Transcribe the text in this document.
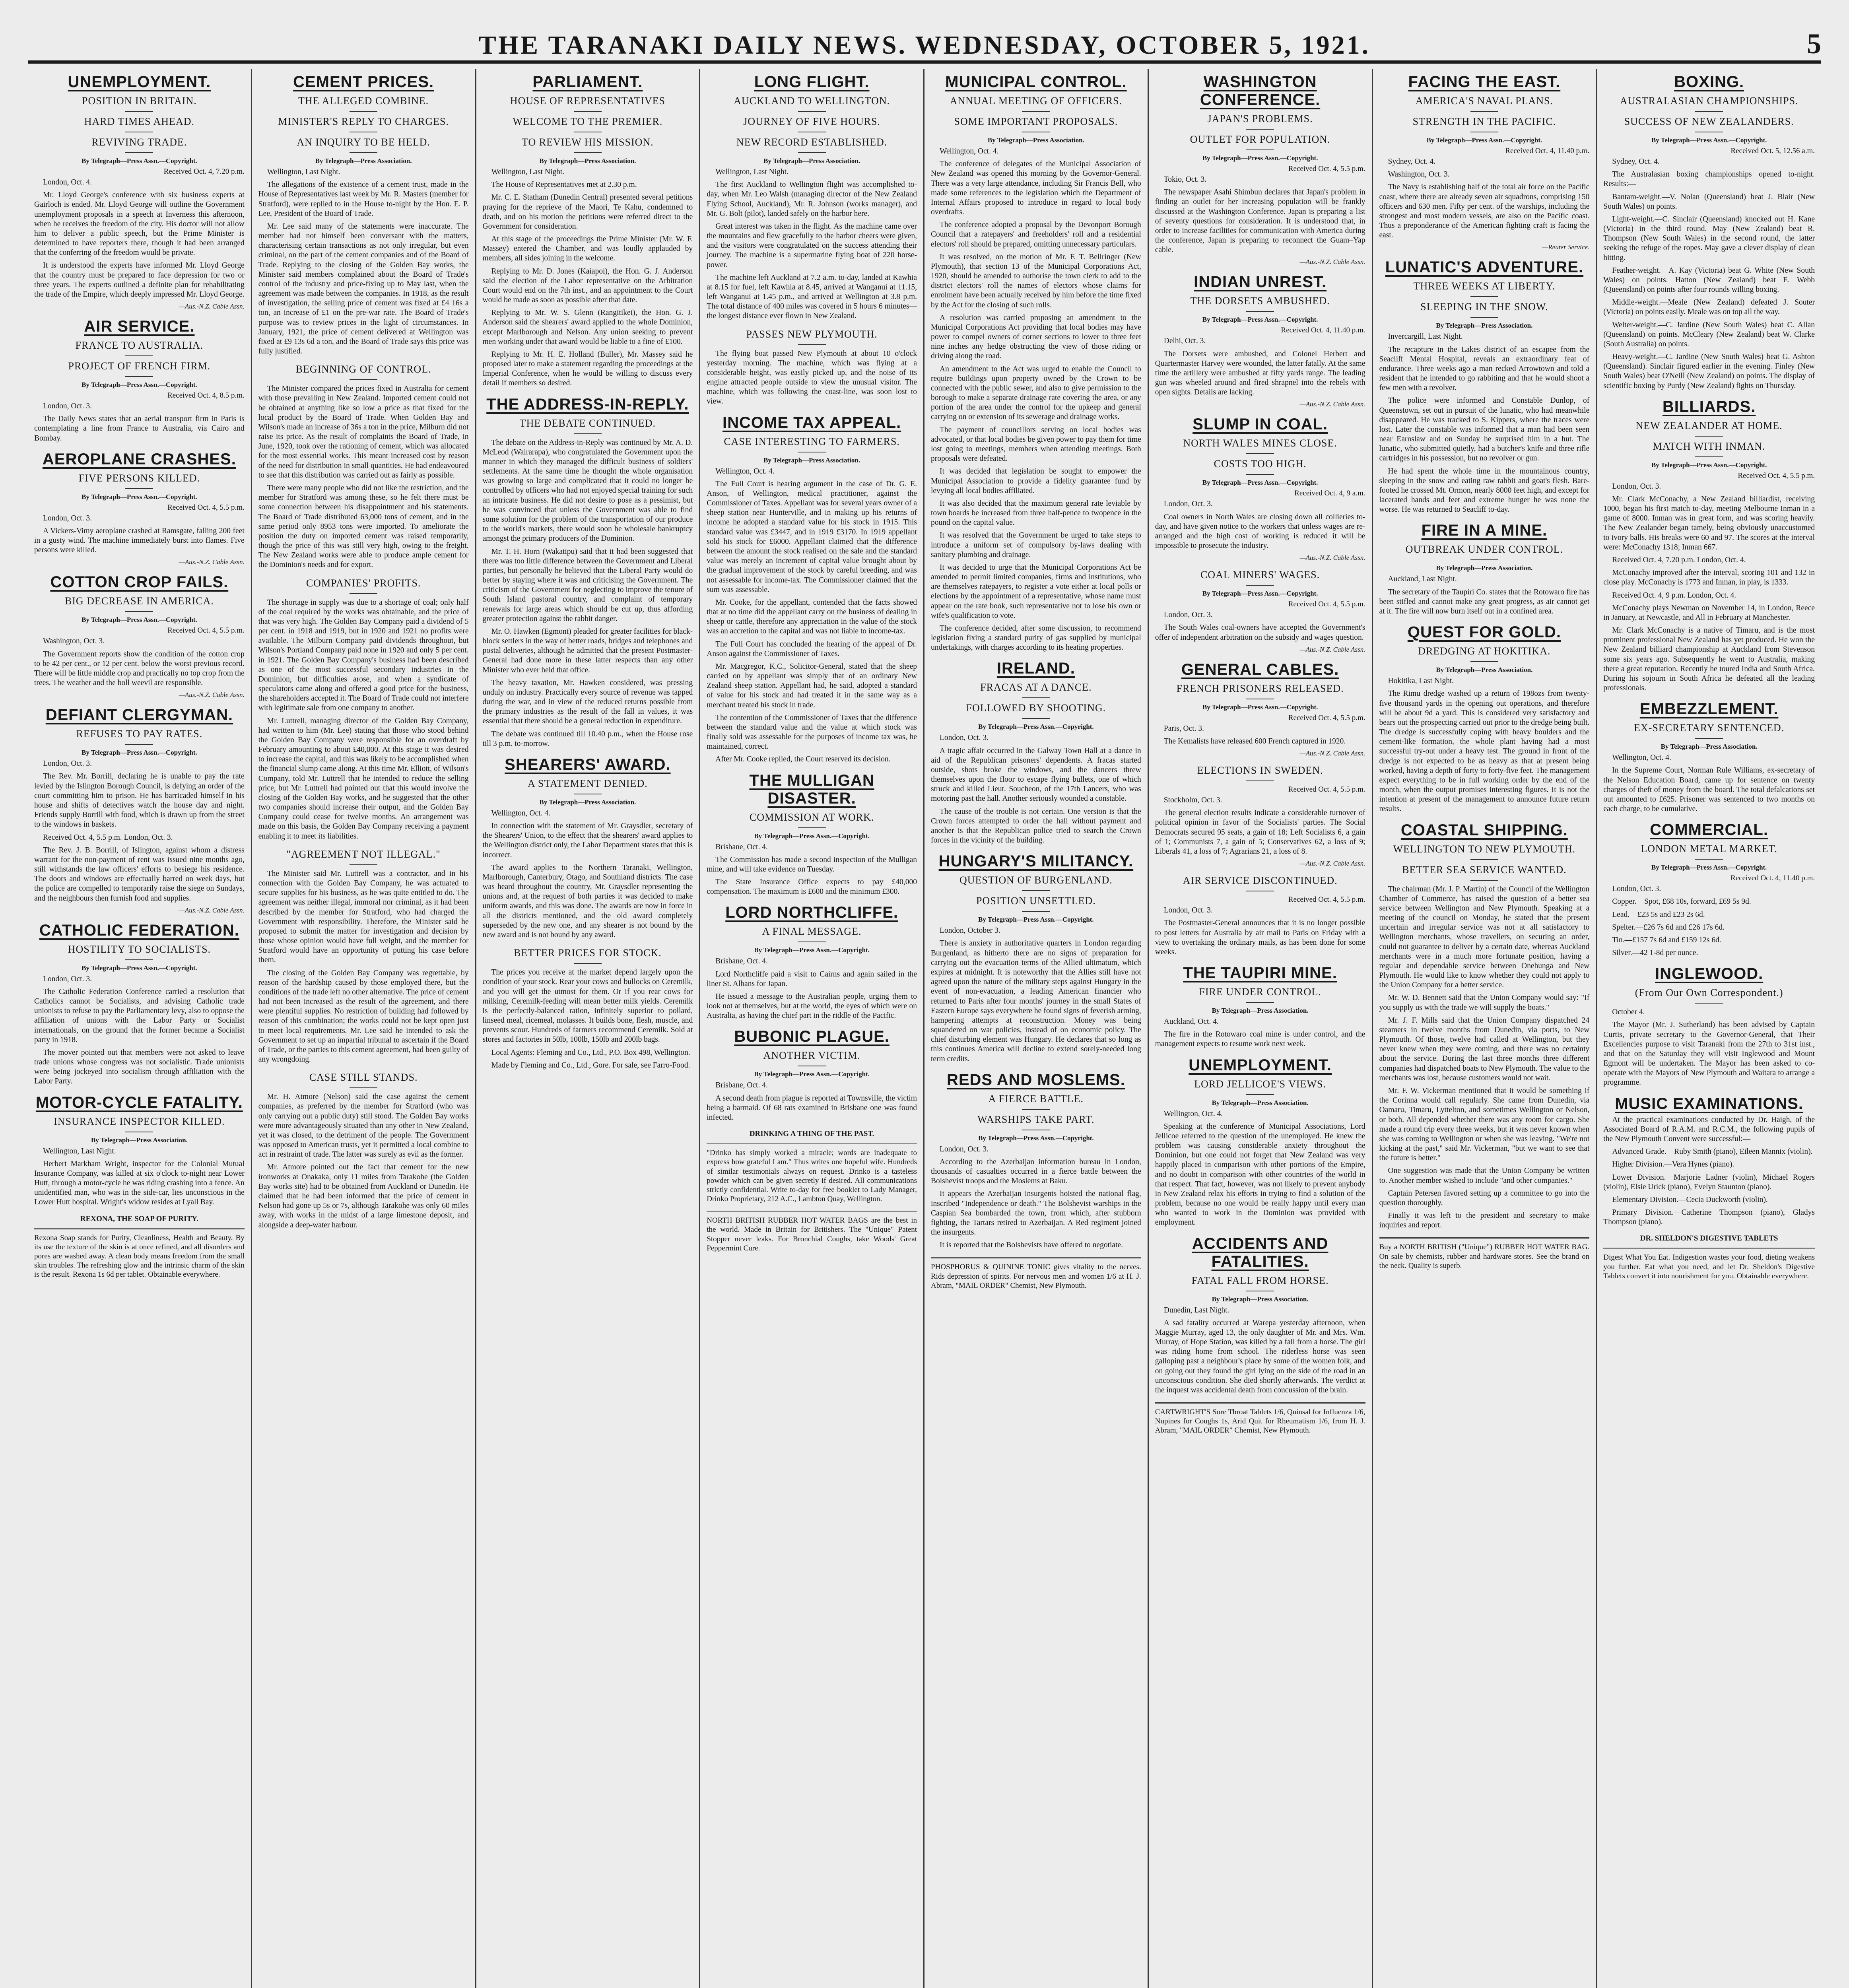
THE TARANAKI DAILY NEWS. WEDNESDAY, OCTOBER 5, 1921.	5
UNEMPLOYMENT.
POSITION IN BRITAIN.
HARD TIMES AHEAD.
REVIVING TRADE.
By Telegraph—Press Assn.—Copyright.
Received Oct. 4, 7.20 p.m.

London, Oct. 4.

Mr. Lloyd George's conference with six business experts at Gairloch is ended. Mr. Lloyd George will outline the Government unemployment proposals in a speech at Inverness this afternoon, when he receives the freedom of the city. His doctor will not allow him to deliver a public speech, but the Prime Minister is determined to have reporters there, though it had been arranged that the conferring of the freedom would be private.

It is understood the experts have informed Mr. Lloyd George that the country must be prepared to face depression for two or three years. The experts outlined a definite plan for rehabilitating the trade of the Empire, which deeply impressed Mr. Lloyd George.

—Aus.-N.Z. Cable Assn.
AIR SERVICE.
FRANCE TO AUSTRALIA.
PROJECT OF FRENCH FIRM.
By Telegraph—Press Assn.—Copyright.
Received Oct. 4, 8.5 p.m.

London, Oct. 3.

The Daily News states that an aerial transport firm in Paris is contemplating a line from France to Australia, via Cairo and Bombay.

AEROPLANE CRASHES.
FIVE PERSONS KILLED.
By Telegraph—Press Assn.—Copyright.
Received Oct. 4, 5.5 p.m.

London, Oct. 3.

A Vickers-Vimy aeroplane crashed at Ramsgate, falling 200 feet in a gusty wind. The machine immediately burst into flames. Five persons were killed.

—Aus.-N.Z. Cable Assn.
COTTON CROP FAILS.
BIG DECREASE IN AMERICA.
By Telegraph—Press Assn.—Copyright.
Received Oct. 4, 5.5 p.m.

Washington, Oct. 3.

The Government reports show the condition of the cotton crop to be 42 per cent., or 12 per cent. below the worst previous record. There will be little middle crop and practically no top crop from the trees. The weather and the boll weevil are responsible.

—Aus.-N.Z. Cable Assn.
DEFIANT CLERGYMAN.
REFUSES TO PAY RATES.
By Telegraph—Press Assn.—Copyright.

London, Oct. 3.

The Rev. Mr. Borrill, declaring he is unable to pay the rate levied by the Islington Borough Council, is defying an order of the court committing him to prison. He has barricaded himself in his house and shifts of detectives watch the house day and night. Friends supply Borrill with food, which is drawn up from the street to the windows in baskets.

Received Oct. 4, 5.5 p.m. London, Oct. 3.

The Rev. J. B. Borrill, of Islington, against whom a distress warrant for the non-payment of rent was issued nine months ago, still withstands the law officers' efforts to besiege his residence. The doors and windows are effectually barred on week days, but the police are compelled to temporarily raise the siege on Sundays, and the neighbours then furnish food and supplies.

—Aus.-N.Z. Cable Assn.
CATHOLIC FEDERATION.
HOSTILITY TO SOCIALISTS.
By Telegraph—Press Assn.—Copyright.

London, Oct. 3.

The Catholic Federation Conference carried a resolution that Catholics cannot be Socialists, and advising Catholic trade unionists to refuse to pay the Parliamentary levy, also to oppose the affiliation of unions with the Labor Party or Socialist internationals, on the ground that the former became a Socialist party in 1918.

The mover pointed out that members were not asked to leave trade unions whose congress was not socialistic. Trade unionists were being jockeyed into socialism through affiliation with the Labor Party.

MOTOR-CYCLE FATALITY.
INSURANCE INSPECTOR KILLED.
By Telegraph—Press Association.

Wellington, Last Night.

Herbert Markham Wright, inspector for the Colonial Mutual Insurance Company, was killed at six o'clock to-night near Lower Hutt, through a motor-cycle he was riding crashing into a fence. An unidentified man, who was in the side-car, lies unconscious in the Lower Hutt hospital. Wright's widow resides at Lyall Bay.

REXONA, THE SOAP OF PURITY.
Rexona Soap stands for Purity, Cleanliness, Health and Beauty. By its use the texture of the skin is at once refined, and all disorders and pores are washed away. A clean body means freedom from the small skin troubles. The refreshing glow and the intrinsic charm of the skin is the result. Rexona 1s 6d per tablet. Obtainable everywhere.
CEMENT PRICES.
THE ALLEGED COMBINE.
MINISTER'S REPLY TO CHARGES.
AN INQUIRY TO BE HELD.
By Telegraph—Press Association.

Wellington, Last Night.

The allegations of the existence of a cement trust, made in the House of Representatives last week by Mr. R. Masters (member for Stratford), were replied to in the House to-night by the Hon. E. P. Lee, President of the Board of Trade.

Mr. Lee said many of the statements were inaccurate. The member had not himself been conversant with the matters, characterising certain transactions as not only irregular, but even criminal, on the part of the cement companies and of the Board of Trade. Replying to the closing of the Golden Bay works, the Minister said members complained about the Board of Trade's control of the industry and price-fixing up to May last, when the agreement was made between the companies. In 1918, as the result of investigation, the selling price of cement was fixed at £4 16s a ton, an increase of £1 on the pre-war rate. The Board of Trade's purpose was to review prices in the light of circumstances. In January, 1921, the price of cement delivered at Wellington was fixed at £9 13s 6d a ton, and the Board of Trade says this price was fully justified.

BEGINNING OF CONTROL.

The Minister compared the prices fixed in Australia for cement with those prevailing in New Zealand. Imported cement could not be obtained at anything like so low a price as that fixed for the local product by the Board of Trade. When Golden Bay and Wilson's made an increase of 36s a ton in the price, Milburn did not raise its price. As the result of complaints the Board of Trade, in June, 1920, took over the rationing of cement, which was allocated for the most essential works. This meant increased cost by reason of the need for distribution in small quantities. He had endeavoured to see that this distribution was carried out as fairly as possible.

There were many people who did not like the restriction, and the member for Stratford was among these, so he felt there must be some connection between his disappointment and his statements. The Board of Trade distributed 63,000 tons of cement, and in the same period only 8953 tons were imported. To ameliorate the position the duty on imported cement was raised temporarily, though the price of this was still very high, owing to the freight. The New Zealand works were able to produce ample cement for the Dominion's needs and for export.

COMPANIES' PROFITS.

The shortage in supply was due to a shortage of coal; only half of the coal required by the works was obtainable, and the price of that was very high. The Golden Bay Company paid a dividend of 5 per cent. in 1918 and 1919, but in 1920 and 1921 no profits were available. The Milburn Company paid dividends throughout, but Wilson's Portland Company paid none in 1920 and only 5 per cent. in 1921. The Golden Bay Company's business had been described as one of the most successful secondary industries in the Dominion, but difficulties arose, and when a syndicate of speculators came along and offered a good price for the business, the shareholders accepted it. The Board of Trade could not interfere with legitimate sale from one company to another.

Mr. Luttrell, managing director of the Golden Bay Company, had written to him (Mr. Lee) stating that those who stood behind the Golden Bay Company were responsible for an overdraft by February amounting to about £40,000. At this stage it was desired to increase the capital, and this was likely to be accomplished when the financial slump came along. At this time Mr. Elliott, of Wilson's Company, told Mr. Luttrell that he intended to reduce the selling price, but Mr. Luttrell had pointed out that this would involve the closing of the Golden Bay works, and he suggested that the other two companies should increase their output, and the Golden Bay Company could cease for twelve months. An arrangement was made on this basis, the Golden Bay Company receiving a payment enabling it to meet its liabilities.

"AGREEMENT NOT ILLEGAL."

The Minister said Mr. Luttrell was a contractor, and in his connection with the Golden Bay Company, he was actuated to secure supplies for his business, as he was quite entitled to do. The agreement was neither illegal, immoral nor criminal, as it had been described by the member for Stratford, who had charged the Government with responsibility. Therefore, the Minister said he proposed to submit the matter for investigation and decision by those whose opinion would have full weight, and the member for Stratford would have an opportunity of putting his case before them.

The closing of the Golden Bay Company was regrettable, by reason of the hardship caused by those employed there, but the conditions of the trade left no other alternative. The price of cement had not been increased as the result of the agreement, and there were plentiful supplies. No restriction of building had followed by reason of this combination; the works could not be kept open just to meet local requirements. Mr. Lee said he intended to ask the Government to set up an impartial tribunal to ascertain if the Board of Trade, or the parties to this cement agreement, had been guilty of any wrongdoing.

CASE STILL STANDS.

Mr. H. Atmore (Nelson) said the case against the cement companies, as preferred by the member for Stratford (who was only carrying out a public duty) still stood. The Golden Bay works were more advantageously situated than any other in New Zealand, yet it was closed, to the detriment of the people. The Government was opposed to American trusts, yet it permitted a local combine to act in restraint of trade. The latter was surely as evil as the former.

Mr. Atmore pointed out the fact that cement for the new ironworks at Onakaka, only 11 miles from Tarakohe (the Golden Bay works site) had to be obtained from Auckland or Dunedin. He claimed that he had been informed that the price of cement in Nelson had gone up 5s or 7s, although Tarakohe was only 60 miles away, with works in the midst of a large limestone deposit, and alongside a deep-water harbour.

PARLIAMENT.
HOUSE OF REPRESENTATIVES
WELCOME TO THE PREMIER.
TO REVIEW HIS MISSION.
By Telegraph—Press Association.

Wellington, Last Night.

The House of Representatives met at 2.30 p.m.

Mr. C. E. Statham (Dunedin Central) presented several petitions praying for the reprieve of the Maori, Te Kahu, condemned to death, and on his motion the petitions were referred direct to the Government for consideration.

At this stage of the proceedings the Prime Minister (Mr. W. F. Massey) entered the Chamber, and was loudly applauded by members, all sides joining in the welcome.

Replying to Mr. D. Jones (Kaiapoi), the Hon. G. J. Anderson said the election of the Labor representative on the Arbitration Court would end on the 7th inst., and an appointment to the Court would be made as soon as possible after that date.

Replying to Mr. W. S. Glenn (Rangitikei), the Hon. G. J. Anderson said the shearers' award applied to the whole Dominion, except Marlborough and Nelson. Any union seeking to prevent men working under that award would be liable to a fine of £100.

Replying to Mr. H. E. Holland (Buller), Mr. Massey said he proposed later to make a statement regarding the proceedings at the Imperial Conference, when he would be willing to discuss every detail if members so desired.

THE ADDRESS-IN-REPLY.
THE DEBATE CONTINUED.

The debate on the Address-in-Reply was continued by Mr. A. D. McLeod (Wairarapa), who congratulated the Government upon the manner in which they managed the difficult business of soldiers' settlements. At the same time he thought the whole organisation was growing so large and complicated that it could no longer be controlled by officers who had not enjoyed special training for such an intricate business. He did not desire to pose as a pessimist, but he was convinced that unless the Government was able to find some solution for the problem of the transportation of our produce to the world's markets, there would soon be wholesale bankruptcy amongst the primary producers of the Dominion.

Mr. T. H. Horn (Wakatipu) said that it had been suggested that there was too little difference between the Government and Liberal parties, but personally he believed that the Liberal Party would do better by staying where it was and criticising the Government. The criticism of the Government for neglecting to improve the tenure of South Island pastoral country, and complaint of temporary renewals for large areas which should be cut up, thus affording greater protection against the rabbit danger.

Mr. O. Hawken (Egmont) pleaded for greater facilities for black-block settlers in the way of better roads, bridges and telephones and postal deliveries, although he admitted that the present Postmaster-General had done more in these latter respects than any other Minister who ever held that office.

The heavy taxation, Mr. Hawken considered, was pressing unduly on industry. Practically every source of revenue was tapped during the war, and in view of the reduced returns possible from the primary industries as the result of the fall in values, it was essential that there should be a general reduction in expenditure.

The debate was continued till 10.40 p.m., when the House rose till 3 p.m. to-morrow.

SHEARERS' AWARD.
A STATEMENT DENIED.
By Telegraph—Press Association.

Wellington, Oct. 4.

In connection with the statement of Mr. Graysdler, secretary of the Shearers' Union, to the effect that the shearers' award applies to the Wellington district only, the Labor Department states that this is incorrect.

The award applies to the Northern Taranaki, Wellington, Marlborough, Canterbury, Otago, and Southland districts. The case was heard throughout the country, Mr. Graysdler representing the unions and, at the request of both parties it was decided to make uniform awards, and this was done. The awards are now in force in all the districts mentioned, and the old award completely superseded by the new one, and any shearer is not bound by the new award and is not bound by any award.

BETTER PRICES FOR STOCK.

The prices you receive at the market depend largely upon the condition of your stock. Rear your cows and bullocks on Ceremilk, and you will get the utmost for them. Or if you rear cows for milking, Ceremilk-feeding will mean better milk yields. Ceremilk is the perfectly-balanced ration, infinitely superior to pollard, linseed meal, ricemeal, molasses. It builds bone, flesh, muscle, and prevents scour. Hundreds of farmers recommend Ceremilk. Sold at stores and factories in 50lb, 100lb, 150lb and 200lb bags.

Local Agents: Fleming and Co., Ltd., P.O. Box 498, Wellington.

Made by Fleming and Co., Ltd., Gore. For sale, see Farro-Food.

LONG FLIGHT.
AUCKLAND TO WELLINGTON.
JOURNEY OF FIVE HOURS.
NEW RECORD ESTABLISHED.
By Telegraph—Press Association.

Wellington, Last Night.

The first Auckland to Wellington flight was accomplished to-day, when Mr. Leo Walsh (managing director of the New Zealand Flying School, Auckland), Mr. R. Johnson (works manager), and Mr. G. Bolt (pilot), landed safely on the harbor here.

Great interest was taken in the flight. As the machine came over the mountains and flew gracefully to the harbor cheers were given, and the visitors were congratulated on the success attending their journey. The machine is a supermarine flying boat of 220 horse-power.

The machine left Auckland at 7.2 a.m. to-day, landed at Kawhia at 8.15 for fuel, left Kawhia at 8.45, arrived at Wanganui at 11.15, left Wanganui at 1.45 p.m., and arrived at Wellington at 3.8 p.m. The total distance of 400 miles was covered in 5 hours 6 minutes—the longest distance ever flown in New Zealand.

PASSES NEW PLYMOUTH.

The flying boat passed New Plymouth at about 10 o'clock yesterday morning. The machine, which was flying at a considerable height, was easily picked up, and the noise of its engine attracted people outside to view the unusual visitor. The machine, which was following the coast-line, was soon lost to view.

INCOME TAX APPEAL.
CASE INTERESTING TO FARMERS.
By Telegraph—Press Association.

Wellington, Oct. 4.

The Full Court is hearing argument in the case of Dr. G. E. Anson, of Wellington, medical practitioner, against the Commissioner of Taxes. Appellant was for several years owner of a sheep station near Hunterville, and in making up his returns of income he adopted a standard value for his stock in 1915. This standard value was £3447, and in 1919 £3170. In 1919 appellant sold his stock for £6000. Appellant claimed that the difference between the amount the stock realised on the sale and the standard value was merely an increment of capital value brought about by the gradual improvement of the stock by careful breeding, and was not assessable for income-tax. The Commissioner claimed that the sum was assessable.

Mr. Cooke, for the appellant, contended that the facts showed that at no time did the appellant carry on the business of dealing in sheep or cattle, therefore any appreciation in the value of the stock was an accretion to the capital and was not liable to income-tax.

The Full Court has concluded the hearing of the appeal of Dr. Anson against the Commissioner of Taxes.

Mr. Macgregor, K.C., Solicitor-General, stated that the sheep carried on by appellant was simply that of an ordinary New Zealand sheep station. Appellant had, he said, adopted a standard of value for his stock and had treated it in the same way as a merchant treated his stock in trade.

The contention of the Commissioner of Taxes that the difference between the standard value and the value at which stock was finally sold was assessable for the purposes of income tax was, he maintained, correct.

After Mr. Cooke replied, the Court reserved its decision.

THE MULLIGAN DISASTER.
COMMISSION AT WORK.
By Telegraph—Press Assn.—Copyright.

Brisbane, Oct. 4.

The Commission has made a second inspection of the Mulligan mine, and will take evidence on Tuesday.

The State Insurance Office expects to pay £40,000 compensation. The maximum is £600 and the minimum £300.

LORD NORTHCLIFFE.
A FINAL MESSAGE.
By Telegraph—Press Assn.—Copyright.

Brisbane, Oct. 4.

Lord Northcliffe paid a visit to Cairns and again sailed in the liner St. Albans for Japan.

He issued a message to the Australian people, urging them to look not at themselves, but at the world, the eyes of which were on Australia, as having the chief part in the riddle of the Pacific.

BUBONIC PLAGUE.
ANOTHER VICTIM.
By Telegraph—Press Assn.—Copyright.

Brisbane, Oct. 4.

A second death from plague is reported at Townsville, the victim being a barmaid. Of 68 rats examined in Brisbane one was found infected.

DRINKING A THING OF THE PAST.
"Drinko has simply worked a miracle; words are inadequate to express how grateful I am." Thus writes one hopeful wife. Hundreds of similar testimonials always on request. Drinko is a tasteless powder which can be given secretly if desired. All communications strictly confidential. Write to-day for free booklet to Lady Manager, Drinko Proprietary, 212 A.C., Lambton Quay, Wellington.
NORTH BRITISH RUBBER HOT WATER BAGS are the best in the world. Made in Britain for Britishers. The "Unique" Patent Stopper never leaks. For Bronchial Coughs, take Woods' Great Peppermint Cure.
MUNICIPAL CONTROL.
ANNUAL MEETING OF OFFICERS.
SOME IMPORTANT PROPOSALS.
By Telegraph—Press Association.

Wellington, Oct. 4.

The conference of delegates of the Municipal Association of New Zealand was opened this morning by the Governor-General. There was a very large attendance, including Sir Francis Bell, who made some references to the legislation which the Department of Internal Affairs proposed to introduce in regard to local body overdrafts.

The conference adopted a proposal by the Devonport Borough Council that a ratepayers' and freeholders' roll and a residential electors' roll should be prepared, omitting unnecessary particulars.

It was resolved, on the motion of Mr. F. T. Bellringer (New Plymouth), that section 13 of the Municipal Corporations Act, 1920, should be amended to authorise the town clerk to add to the district electors' roll the names of electors whose claims for enrolment have been actually received by him before the time fixed by the Act for the closing of such rolls.

A resolution was carried proposing an amendment to the Municipal Corporations Act providing that local bodies may have power to compel owners of corner sections to lower to three feet nine inches any hedge obstructing the view of those riding or driving along the road.

An amendment to the Act was urged to enable the Council to require buildings upon property owned by the Crown to be connected with the public sewer, and also to give permission to the borough to make a separate drainage rate covering the area, or any portion of the area under the control for the upkeep and general carrying on or extension of its sewerage and drainage works.

The payment of councillors serving on local bodies was advocated, or that local bodies be given power to pay them for time lost going to meetings, members when attending meetings. Both proposals were defeated.

It was decided that legislation be sought to empower the Municipal Association to provide a fidelity guarantee fund by levying all local bodies affiliated.

It was also decided that the maximum general rate leviable by town boards be increased from three half-pence to twopence in the pound on the capital value.

It was resolved that the Government be urged to take steps to introduce a uniform set of compulsory by-laws dealing with sanitary plumbing and drainage.

It was decided to urge that the Municipal Corporations Act be amended to permit limited companies, firms and institutions, who are themselves ratepayers, to register a vote either at local polls or elections by the appointment of a representative, whose name must appear on the rate book, such representative not to lose his own or wife's qualification to vote.

The conference decided, after some discussion, to recommend legislation fixing a standard purity of gas supplied by municipal undertakings, with charges according to its heating properties.

IRELAND.
FRACAS AT A DANCE.
FOLLOWED BY SHOOTING.
By Telegraph—Press Assn.—Copyright.

London, Oct. 3.

A tragic affair occurred in the Galway Town Hall at a dance in aid of the Republican prisoners' dependents. A fracas started outside, shots broke the windows, and the dancers threw themselves upon the floor to escape flying bullets, one of which struck and killed Lieut. Soucheon, of the 17th Lancers, who was motoring past the hall. Another seriously wounded a constable.

The cause of the trouble is not certain. One version is that the Crown forces attempted to order the hall without payment and another is that the Republican police tried to search the Crown forces in the vicinity of the building.

HUNGARY'S MILITANCY.
QUESTION OF BURGENLAND.
POSITION UNSETTLED.
By Telegraph—Press Assn.—Copyright.

London, October 3.

There is anxiety in authoritative quarters in London regarding Burgenland, as hitherto there are no signs of preparation for carrying out the evacuation terms of the Allied ultimatum, which expires at midnight. It is noteworthy that the Allies still have not agreed upon the nature of the military steps against Hungary in the event of non-evacuation, a leading American financier who returned to Paris after four months' journey in the small States of Eastern Europe says everywhere he found signs of feverish arming, hampering attempts at reconstruction. Money was being squandered on war policies, instead of on economic policy. The chief disturbing element was Hungary. He declares that so long as this continues America will decline to extend sorely-needed long term credits.

REDS AND MOSLEMS.
A FIERCE BATTLE.
WARSHIPS TAKE PART.
By Telegraph—Press Assn.—Copyright.

London, Oct. 3.

According to the Azerbaijan information bureau in London, thousands of casualties occurred in a fierce battle between the Bolshevist troops and the Moslems at Baku.

It appears the Azerbaijan insurgents hoisted the national flag, inscribed "Independence or death." The Bolshevist warships in the Caspian Sea bombarded the town, from which, after stubborn fighting, the Tartars retired to Azerbaijan. A Red regiment joined the insurgents.

It is reported that the Bolshevists have offered to negotiate.

PHOSPHORUS & QUININE TONIC gives vitality to the nerves. Rids depression of spirits. For nervous men and women 1/6 at H. J. Abram, "MAIL ORDER" Chemist, New Plymouth.
WASHINGTON CONFERENCE.
JAPAN'S PROBLEMS.
OUTLET FOR POPULATION.
By Telegraph—Press Assn.—Copyright.
Received Oct. 4, 5.5 p.m.

Tokio, Oct. 3.

The newspaper Asahi Shimbun declares that Japan's problem in finding an outlet for her increasing population will be frankly discussed at the Washington Conference. Japan is preparing a list of seventy questions for consideration. It is understood that, in order to increase facilities for communication with America during the conference, Japan is preparing to reconnect the Guam–Yap cable.

—Aus.-N.Z. Cable Assn.
INDIAN UNREST.
THE DORSETS AMBUSHED.
By Telegraph—Press Assn.—Copyright.
Received Oct. 4, 11.40 p.m.

Delhi, Oct. 3.

The Dorsets were ambushed, and Colonel Herbert and Quartermaster Harvey were wounded, the latter fatally. At the same time the artillery were ambushed at fifty yards range. The leading gun was wheeled around and fired shrapnel into the rebels with open sights. Details are lacking.

—Aus.-N.Z. Cable Assn.
SLUMP IN COAL.
NORTH WALES MINES CLOSE.
COSTS TOO HIGH.
By Telegraph—Press Assn.—Copyright.
Received Oct. 4, 9 a.m.

London, Oct. 3.

Coal owners in North Wales are closing down all collieries to-day, and have given notice to the workers that unless wages are re-arranged and the high cost of working is reduced it will be impossible to prosecute the industry.

—Aus.-N.Z. Cable Assn.
COAL MINERS' WAGES.
By Telegraph—Press Assn.—Copyright.
Received Oct. 4, 5.5 p.m.

London, Oct. 3.

The South Wales coal-owners have accepted the Government's offer of independent arbitration on the subsidy and wages question.

—Aus.-N.Z. Cable Assn.
GENERAL CABLES.
FRENCH PRISONERS RELEASED.
By Telegraph—Press Assn.—Copyright.
Received Oct. 4, 5.5 p.m.

Paris, Oct. 3.

The Kemalists have released 600 French captured in 1920.

—Aus.-N.Z. Cable Assn.
ELECTIONS IN SWEDEN.
Received Oct. 4, 5.5 p.m.

Stockholm, Oct. 3.

The general election results indicate a considerable turnover of political opinion in favor of the Socialists' parties. The Social Democrats secured 95 seats, a gain of 18; Left Socialists 6, a gain of 1; Communists 7, a gain of 5; Conservatives 62, a loss of 9; Liberals 41, a loss of 7; Agrarians 21, a loss of 8.

—Aus.-N.Z. Cable Assn.
AIR SERVICE DISCONTINUED.
Received Oct. 4, 5.5 p.m.

London, Oct. 3.

The Postmaster-General announces that it is no longer possible to post letters for Australia by air mail to Paris on Friday with a view to overtaking the ordinary mails, as has been done for some weeks.

THE TAUPIRI MINE.
FIRE UNDER CONTROL.
By Telegraph—Press Association.

Auckland, Oct. 4.

The fire in the Rotowaro coal mine is under control, and the management expects to resume work next week.

UNEMPLOYMENT.
LORD JELLICOE'S VIEWS.
By Telegraph—Press Association.

Wellington, Oct. 4.

Speaking at the conference of Municipal Associations, Lord Jellicoe referred to the question of the unemployed. He knew the problem was causing considerable anxiety throughout the Dominion, but one could not forget that New Zealand was very happily placed in comparison with other portions of the Empire, and no doubt in comparison with other countries of the world in that respect. That fact, however, was not likely to prevent anybody in New Zealand relax his efforts in trying to find a solution of the problem, because no one would be really happy until every man who wanted to work in the Dominion was provided with employment.

ACCIDENTS AND FATALITIES.
FATAL FALL FROM HORSE.
By Telegraph—Press Association.

Dunedin, Last Night.

A sad fatality occurred at Warepa yesterday afternoon, when Maggie Murray, aged 13, the only daughter of Mr. and Mrs. Wm. Murray, of Hope Station, was killed by a fall from a horse. The girl was riding home from school. The riderless horse was seen galloping past a neighbour's place by some of the women folk, and on going out they found the girl lying on the side of the road in an unconscious condition. She died shortly afterwards. The verdict at the inquest was accidental death from concussion of the brain.

CARTWRIGHT'S Sore Throat Tablets 1/6, Quinsal for Influenza 1/6, Nupines for Coughs 1s, Arid Quit for Rheumatism 1/6, from H. J. Abram, "MAIL ORDER" Chemist, New Plymouth.
FACING THE EAST.
AMERICA'S NAVAL PLANS.
STRENGTH IN THE PACIFIC.
By Telegraph—Press Assn.—Copyright.
Received Oct. 4, 11.40 p.m.

Sydney, Oct. 4.

Washington, Oct. 3.

The Navy is establishing half of the total air force on the Pacific coast, where there are already seven air squadrons, comprising 150 officers and 630 men. Fifty per cent. of the warships, including the strongest and most modern vessels, are also on the Pacific coast. Thus a preponderance of the American fighting craft is facing the east.

—Reuter Service.
LUNATIC'S ADVENTURE.
THREE WEEKS AT LIBERTY.
SLEEPING IN THE SNOW.
By Telegraph—Press Association.

Invercargill, Last Night.

The recapture in the Lakes district of an escapee from the Seacliff Mental Hospital, reveals an extraordinary feat of endurance. Three weeks ago a man recked Arrowtown and told a resident that he intended to go rabbiting and that he would shoot a few men with a revolver.

The police were informed and Constable Dunlop, of Queenstown, set out in pursuit of the lunatic, who had meanwhile disappeared. He was tracked to S. Kippers, where the traces were lost. Later the constable was informed that a man had been seen near Earnslaw and on Sunday he surprised him in a hut. The lunatic, who submitted quietly, had a butcher's knife and three rifle cartridges in his possession, but no revolver or gun.

He had spent the whole time in the mountainous country, sleeping in the snow and eating raw rabbit and goat's flesh. Bare-footed he crossed Mt. Ormon, nearly 8000 feet high, and except for lacerated hands and feet and extreme hunger he was none the worse. He was returned to Seacliff to-day.

FIRE IN A MINE.
OUTBREAK UNDER CONTROL.
By Telegraph—Press Association.

Auckland, Last Night.

The secretary of the Taupiri Co. states that the Rotowaro fire has been stifled and cannot make any great progress, as air cannot get at it. The fire will now burn itself out in a confined area.

QUEST FOR GOLD.
DREDGING AT HOKITIKA.
By Telegraph—Press Association.

Hokitika, Last Night.

The Rimu dredge washed up a return of 198ozs from twenty-five thousand yards in the opening out operations, and therefore will be about 9d a yard. This is considered very satisfactory and bears out the prospecting carried out prior to the dredge being built. The dredge is successfully coping with heavy boulders and the cement-like formation, the whole plant having had a most successful try-out under a heavy test. The ground in front of the dredge is not expected to be as heavy as that at present being worked, having a depth of forty to forty-five feet. The management expect everything to be in full working order by the end of the month, when the output promises interesting figures. It is not the intention at present of the management to announce future return results.

COASTAL SHIPPING.
WELLINGTON TO NEW PLYMOUTH.
BETTER SEA SERVICE WANTED.

The chairman (Mr. J. P. Martin) of the Council of the Wellington Chamber of Commerce, has raised the question of a better sea service between Wellington and New Plymouth. Speaking at a meeting of the council on Monday, he stated that the present uncertain and irregular service was not at all satisfactory to Wellington merchants, whose travellers, on securing an order, could not guarantee to deliver by a certain date, whereas Auckland merchants were in a much more fortunate position, having a regular and dependable service between Onehunga and New Plymouth. He would like to know whether they could not apply to the Union Company for a better service.

Mr. W. D. Bennett said that the Union Company would say: "If you supply us with the trade we will supply the boats."

Mr. J. F. Mills said that the Union Company dispatched 24 steamers in twelve months from Dunedin, via ports, to New Plymouth. Of those, twelve had called at Wellington, but they never knew when they were coming, and there was no certainty about the service. During the last three months three different companies had dispatched boats to New Plymouth. The value to the merchants was lost, because customers would not wait.

Mr. F. W. Vickerman mentioned that it would be something if the Corinna would call regularly. She came from Dunedin, via Oamaru, Timaru, Lyttelton, and sometimes Wellington or Nelson, or both. All depended whether there was any room for cargo. She made a round trip every three weeks, but it was never known when she was coming to Wellington or when she was leaving. "We're not kicking at the past," said Mr. Vickerman, "but we want to see that the future is better."

One suggestion was made that the Union Company be written to. Another member wished to include "and other companies."

Captain Petersen favored setting up a committee to go into the question thoroughly.

Finally it was left to the president and secretary to make inquiries and report.

Buy a NORTH BRITISH ("Unique") RUBBER HOT WATER BAG. On sale by chemists, rubber and hardware stores. See the brand on the neck. Quality is superb.
BOXING.
AUSTRALASIAN CHAMPIONSHIPS.
SUCCESS OF NEW ZEALANDERS.
By Telegraph—Press Assn.—Copyright.
Received Oct. 5, 12.56 a.m.

Sydney, Oct. 4.

The Australasian boxing championships opened to-night. Results:—

Bantam-weight.—V. Nolan (Queensland) beat J. Blair (New South Wales) on points.

Light-weight.—C. Sinclair (Queensland) knocked out H. Kane (Victoria) in the third round. May (New Zealand) beat R. Thompson (New South Wales) in the second round, the latter seeking the refuge of the ropes. May gave a clever display of clean hitting.

Feather-weight.—A. Kay (Victoria) beat G. White (New South Wales) on points. Hatton (New Zealand) beat E. Webb (Queensland) on points after four rounds willing boxing.

Middle-weight.—Meale (New Zealand) defeated J. Souter (Victoria) on points easily. Meale was on top all the way.

Welter-weight.—C. Jardine (New South Wales) beat C. Allan (Queensland) on points. McCleary (New Zealand) beat W. Clarke (South Australia) on points.

Heavy-weight.—C. Jardine (New South Wales) beat G. Ashton (Queensland). Sinclair figured earlier in the evening. Finley (New South Wales) beat O'Neill (New Zealand) on points. The display of scientific boxing by Purdy (New Zealand) fights on Thursday.

BILLIARDS.
NEW ZEALANDER AT HOME.
MATCH WITH INMAN.
By Telegraph—Press Assn.—Copyright.
Received Oct. 4, 5.5 p.m.

London, Oct. 3.

Mr. Clark McConachy, a New Zealand billiardist, receiving 1000, began his first match to-day, meeting Melbourne Inman in a game of 8000. Inman was in great form, and was scoring heavily. The New Zealander began tamely, being obviously unaccustomed to ivory balls. His breaks were 60 and 97. The scores at the interval were: McConachy 1318; Inman 667.

Received Oct. 4, 7.20 p.m. London, Oct. 4.

McConachy improved after the interval, scoring 101 and 132 in close play. McConachy is 1773 and Inman, in play, is 1333.

Received Oct. 4, 9 p.m. London, Oct. 4.

McConachy plays Newman on November 14, in London, Reece in January, at Newcastle, and All in February at Manchester.

Mr. Clark McConachy is a native of Timaru, and is the most prominent professional New Zealand has yet produced. He won the New Zealand billiard championship at Auckland from Stevenson some six years ago. Subsequently he went to Australia, making there a great reputation. Recently he toured India and South Africa. During his sojourn in South Africa he defeated all the leading professionals.

EMBEZZLEMENT.
EX-SECRETARY SENTENCED.
By Telegraph—Press Association.

Wellington, Oct. 4.

In the Supreme Court, Norman Rule Williams, ex-secretary of the Nelson Education Board, came up for sentence on twenty charges of theft of money from the board. The total defalcations set out amounted to £625. Prisoner was sentenced to two months on each charge, to be cumulative.

COMMERCIAL.
LONDON METAL MARKET.
By Telegraph—Press Assn.—Copyright.
Received Oct. 4, 11.40 p.m.

London, Oct. 3.

Copper.—Spot, £68 10s, forward, £69 5s 9d.

Lead.—£23 5s and £23 2s 6d.

Spelter.—£26 7s 6d and £26 17s 6d.

Tin.—£157 7s 6d and £159 12s 6d.

Silver.—42 1-8d per ounce.

INGLEWOOD.
(From Our Own Correspondent.)

October 4.

The Mayor (Mr. J. Sutherland) has been advised by Captain Curtis, private secretary to the Governor-General, that Their Excellencies purpose to visit Taranaki from the 27th to 31st inst., and that on the Saturday they will visit Inglewood and Mount Egmont will be undertaken. The Mayor has been asked to co-operate with the Mayors of New Plymouth and Waitara to arrange a programme.

MUSIC EXAMINATIONS.

At the practical examinations conducted by Dr. Haigh, of the Associated Board of R.A.M. and R.C.M., the following pupils of the New Plymouth Convent were successful:—

Advanced Grade.—Ruby Smith (piano), Eileen Mannix (violin).

Higher Division.—Vera Hynes (piano).

Lower Division.—Marjorie Ladner (violin), Michael Rogers (violin), Elsie Urick (piano), Evelyn Staunton (piano).

Elementary Division.—Cecia Duckworth (violin).

Primary Division.—Catherine Thompson (piano), Gladys Thompson (piano).

DR. SHELDON'S DIGESTIVE TABLETS
Digest What You Eat. Indigestion wastes your food, dieting weakens you further. Eat what you need, and let Dr. Sheldon's Digestive Tablets convert it into nourishment for you. Obtainable everywhere.
